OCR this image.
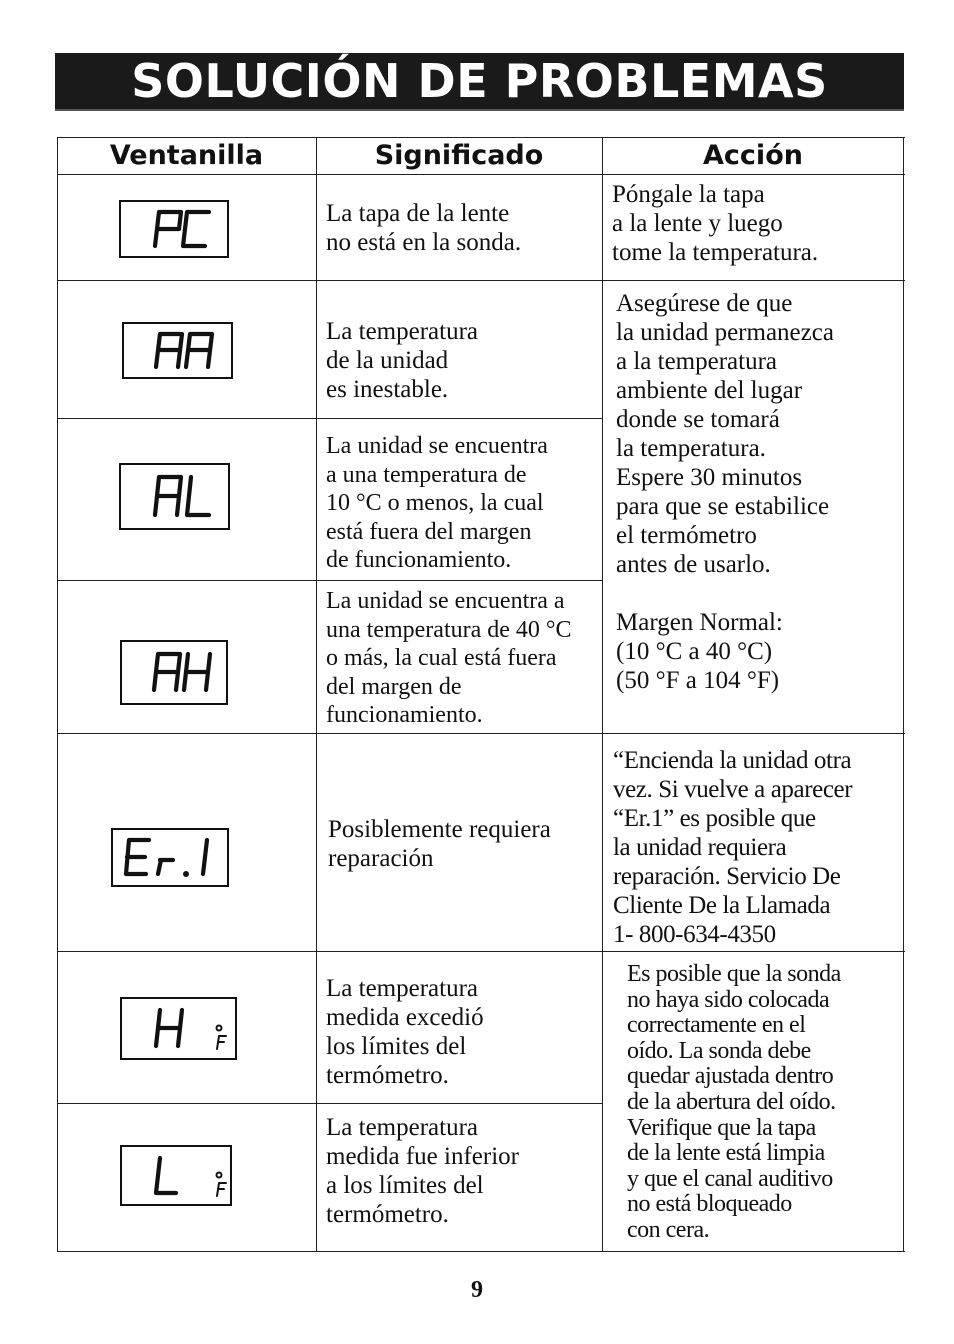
SOLUCIÓN DE PROBLEMAS
Ventanilla	Significado	Acción

La tapa de la lente

no está en la sonda.

Póngale la tapa

a la lente y luego

tome la temperatura.

La temperatura

de la unidad

es inestable.

La unidad se encuentra

a una temperatura de

10 °C o menos, la cual

está fuera del margen

de funcionamiento.

La unidad se encuentra a

una temperatura de 40 °C

o más, la cual está fuera

del margen de

funcionamiento.

Asegúrese de que

la unidad permanezca

a la temperatura

ambiente del lugar

donde se tomará

la temperatura.

Espere 30 minutos

para que se estabilice

el termómetro

antes de usarlo.

Margen Normal:

(10 °C a 40 °C)

(50 °F a 104 °F)

Posiblemente requiera

reparación

“Encienda la unidad otra

vez. Si vuelve a aparecer

“Er.1” es posible que

la unidad requiera

reparación. Servicio De

Cliente De la Llamada

1- 800-634-4350

La temperatura

medida excedió

los límites del

termómetro.

La temperatura

medida fue inferior

a los límites del

termómetro.

Es posible que la sonda

no haya sido colocada

correctamente en el

oído. La sonda debe

quedar ajustada dentro

de la abertura del oído.

Verifique que la tapa

de la lente está limpia

y que el canal auditivo

no está bloqueado

con cera.

9
